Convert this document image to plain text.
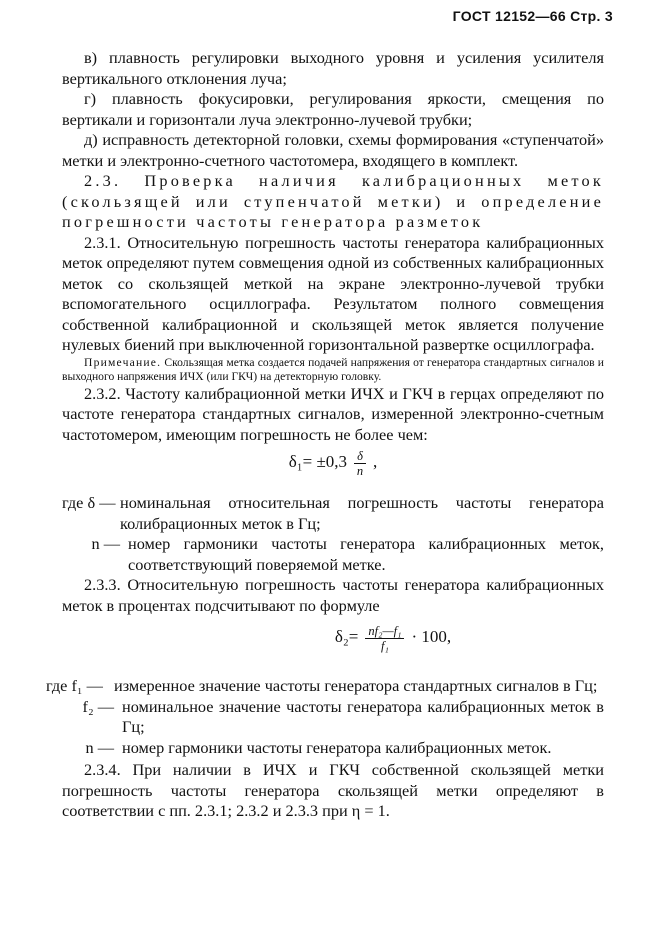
ГОСТ 12152—66 Стр. 3

в) плавность регулировки выходного уровня и усиления усилителя вертикального отклонения луча;

г) плавность фокусировки, регулирования яркости, смещения по вертикали и горизонтали луча электронно-лучевой трубки;

д) исправность детекторной головки, схемы формирования «ступенчатой» метки и электронно-счетного частотомера, входящего в комплект.

2.3. Проверка наличия калибрационных меток (скользящей или ступенчатой метки) и определение погрешности частоты генератора разметок

2.3.1. Относительную погрешность частоты генератора калибрационных меток определяют путем совмещения одной из собственных калибрационных меток со скользящей меткой на экране электронно-лучевой трубки вспомогательного осциллографа. Результатом полного совмещения собственной калибрационной и скользящей меток является получение нулевых биений при выключенной горизонтальной развертке осциллографа.

Примечание. Скользящая метка создается подачей напряжения от генератора стандартных сигналов и выходного напряжения ИЧХ (или ГКЧ) на детекторную головку.

2.3.2. Частоту калибрационной метки ИЧХ и ГКЧ в герцах определяют по частоте генератора стандартных сигналов, измеренной электронно-счетным частотомером, имеющим погрешность не более чем:

$\delta_1= \pm 0,3 \frac{\delta}{n}$ ,
где δ — номинальная относительная погрешность частоты генератора колибрационных меток в Гц;
n — номер гармоники частоты генератора калибрационных меток, соответствующий поверяемой метке.

2.3.3. Относительную погрешность частоты генератора калибрационных меток в процентах подсчитывают по формуле

$\delta_2= \frac{\text{nf₂—f₁}}{\text{f₁}} \cdot 100$,
где f₁ — измеренное значение частоты генератора стандартных сигналов в Гц;
f₂ — номинальное значение частоты генератора калибрационных меток в Гц;
n — номер гармоники частоты генератора калибрационных меток.

2.3.4. При наличии в ИЧХ и ГКЧ собственной скользящей метки погрешность частоты генератора скользящей метки определяют в соответствии с пп. 2.3.1; 2.3.2 и 2.3.3 при η = 1.
